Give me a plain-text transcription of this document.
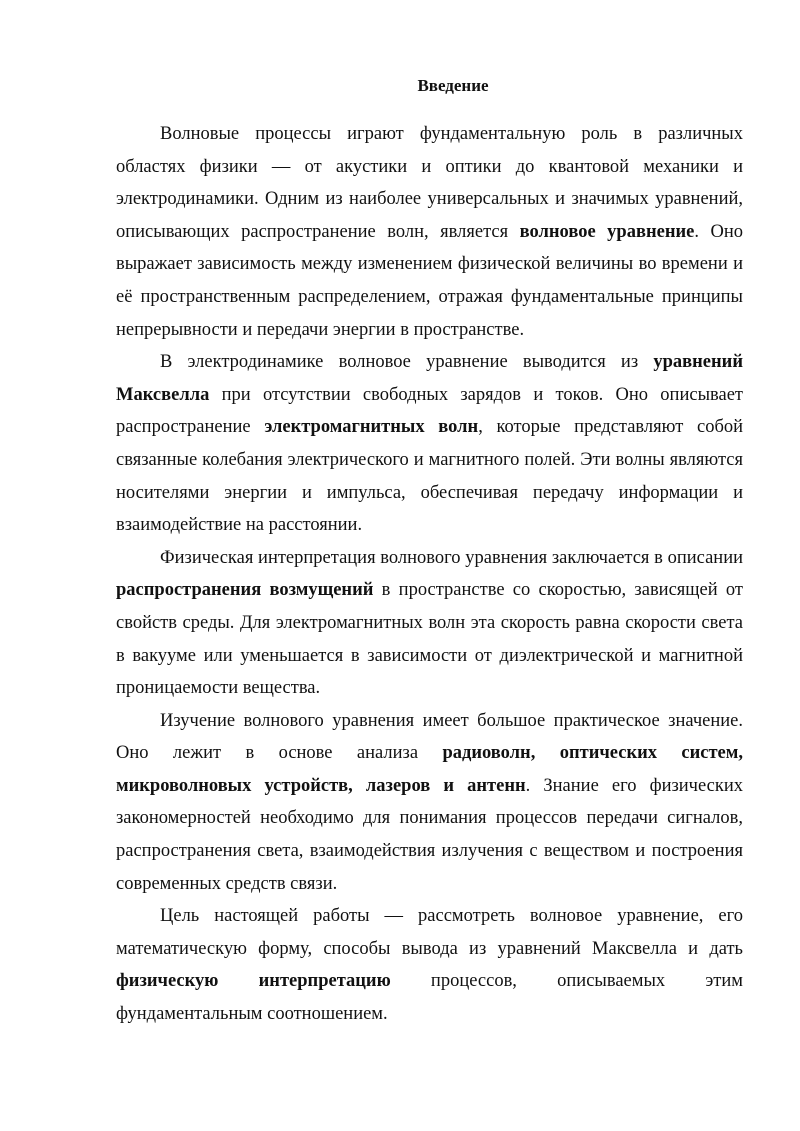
Введение

Волновые процессы играют фундаментальную роль в различных областях физики — от акустики и оптики до квантовой механики и электродинамики. Одним из наиболее универсальных и значимых уравнений, описывающих распространение волн, является волновое уравнение. Оно выражает зависимость между изменением физической величины во времени и её пространственным распределением, отражая фундаментальные принципы непрерывности и передачи энергии в пространстве.

В электродинамике волновое уравнение выводится из уравнений Максвелла при отсутствии свободных зарядов и токов. Оно описывает распространение электромагнитных волн, которые представляют собой связанные колебания электрического и магнитного полей. Эти волны являются носителями энергии и импульса, обеспечивая передачу информации и взаимодействие на расстоянии.

Физическая интерпретация волнового уравнения заключается в описании распространения возмущений в пространстве со скоростью, зависящей от свойств среды. Для электромагнитных волн эта скорость равна скорости света в вакууме или уменьшается в зависимости от диэлектрической и магнитной проницаемости вещества.

Изучение волнового уравнения имеет большое практическое значение. Оно лежит в основе анализа радиоволн, оптических систем, микроволновых устройств, лазеров и антенн. Знание его физических закономерностей необходимо для понимания процессов передачи сигналов, распространения света, взаимодействия излучения с веществом и построения современных средств связи.

Цель настоящей работы — рассмотреть волновое уравнение, его математическую форму, способы вывода из уравнений Максвелла и дать физическую интерпретацию процессов, описываемых этим фундаментальным соотношением.
